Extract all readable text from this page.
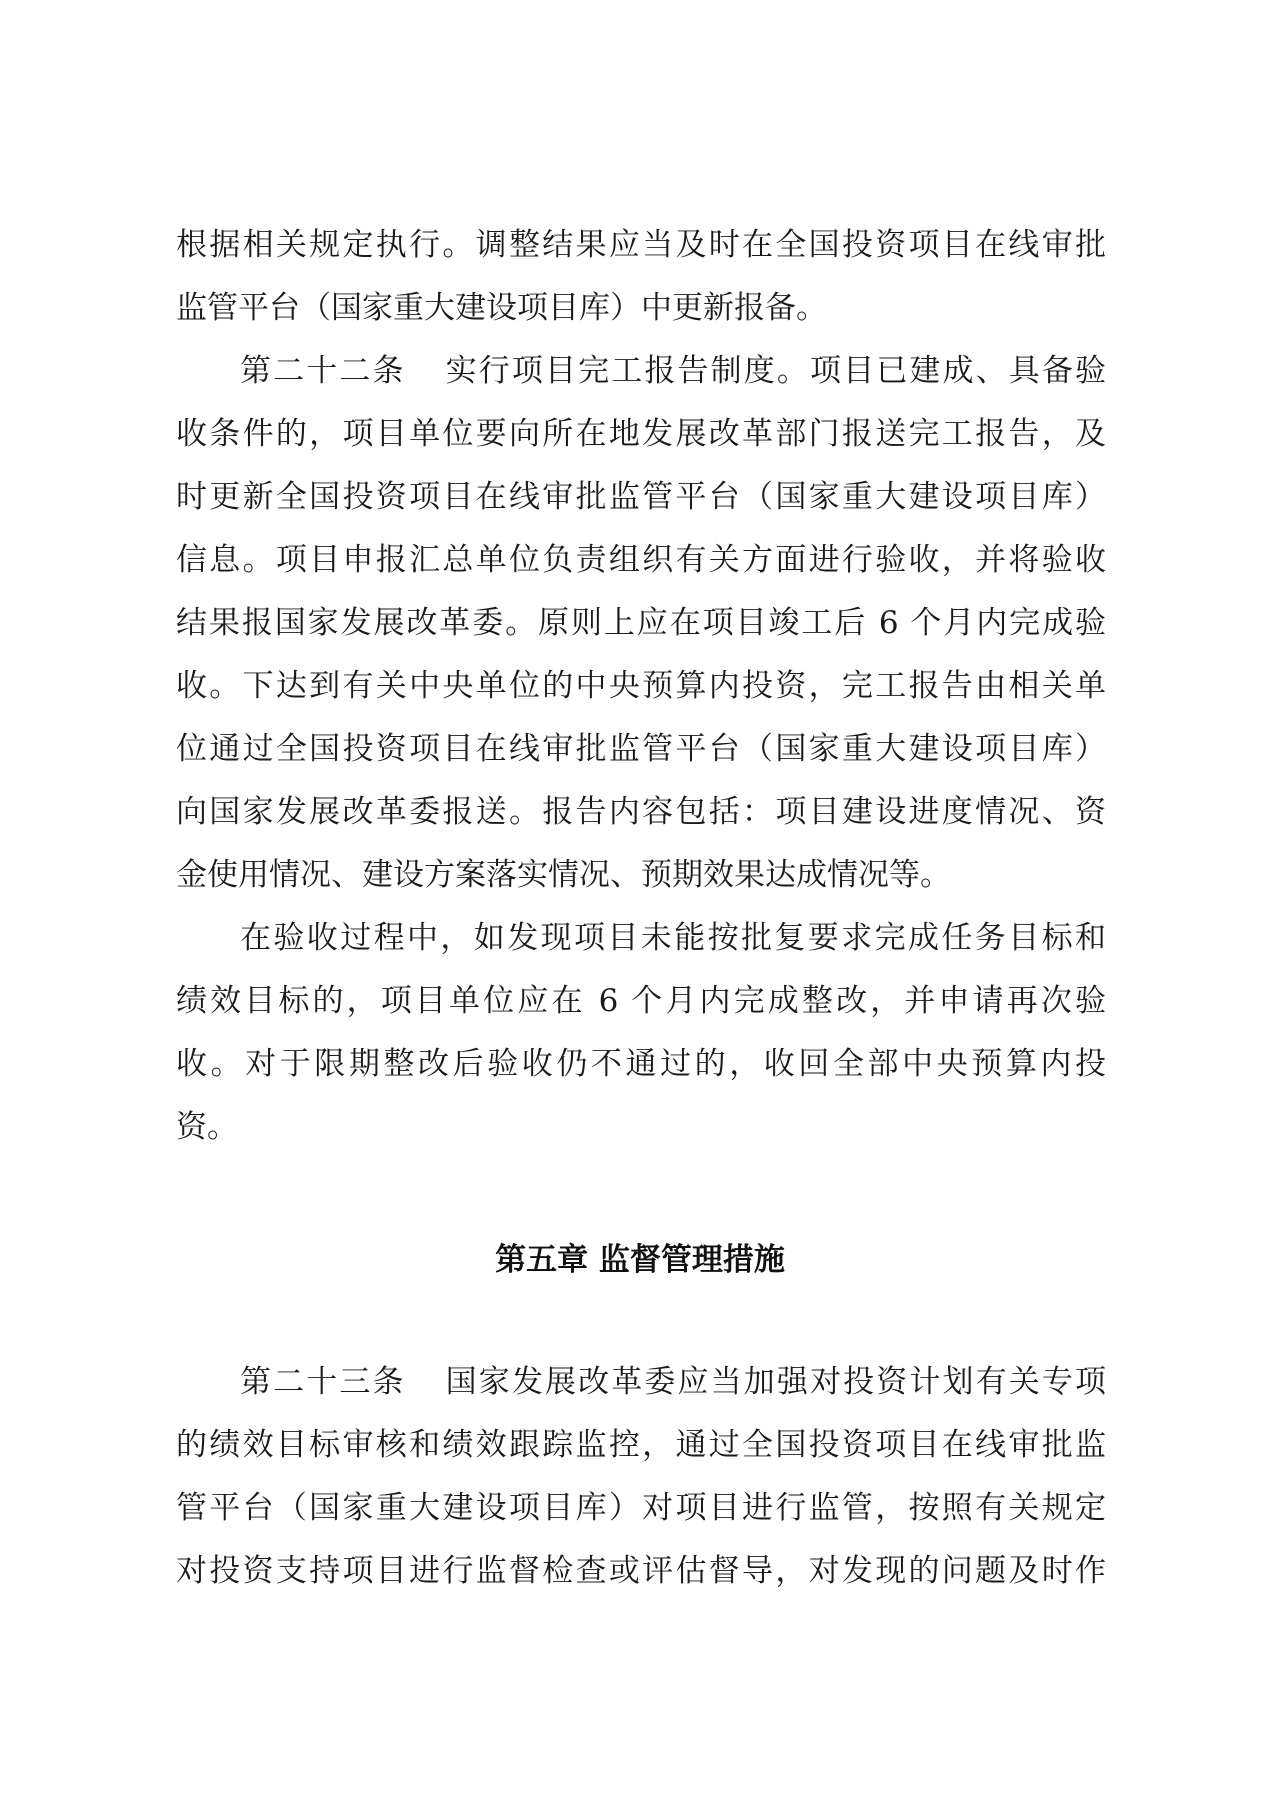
根据相关规定执行。调整结果应当及时在全国投资项目在线审批
监管平台（国家重大建设项目库）中更新报备。
第二十二条 实行项目完工报告制度。项目已建成、具备验
收条件的，项目单位要向所在地发展改革部门报送完工报告，及
时更新全国投资项目在线审批监管平台（国家重大建设项目库）
信息。项目申报汇总单位负责组织有关方面进行验收，并将验收
结果报国家发展改革委。原则上应在项目竣工后 6 个月内完成验
收。下达到有关中央单位的中央预算内投资，完工报告由相关单
位通过全国投资项目在线审批监管平台（国家重大建设项目库）
向国家发展改革委报送。报告内容包括：项目建设进度情况、资
金使用情况、建设方案落实情况、预期效果达成情况等。
在验收过程中，如发现项目未能按批复要求完成任务目标和
绩效目标的，项目单位应在 6 个月内完成整改，并申请再次验
收。对于限期整改后验收仍不通过的，收回全部中央预算内投
资。
第五章 监督管理措施
第二十三条 国家发展改革委应当加强对投资计划有关专项
的绩效目标审核和绩效跟踪监控，通过全国投资项目在线审批监
管平台（国家重大建设项目库）对项目进行监管，按照有关规定
对投资支持项目进行监督检查或评估督导，对发现的问题及时作
